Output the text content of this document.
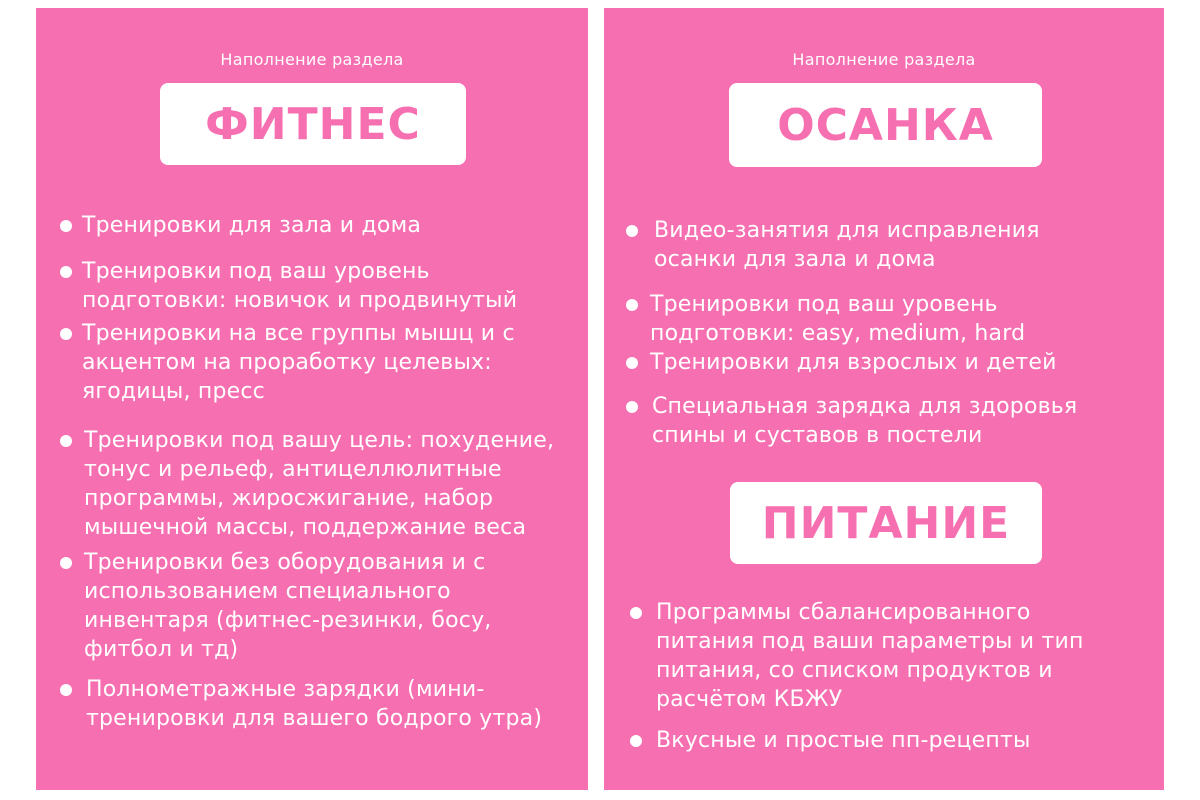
Наполнение раздела
ФИТНЕС
Тренировки для зала и дома
Тренировки под ваш уровень подготовки: новичок и продвинутый
Тренировки на все группы мышц и с акцентом на проработку целевых: ягодицы, пресс
Тренировки под вашу цель: похудение, тонус и рельеф, антицеллюлитные программы, жиросжигание, набор мышечной массы, поддержание веса
Тренировки без оборудования и с использованием специального инвентаря (фитнес-резинки, босу, фитбол и тд)
Полнометражные зарядки (мини-тренировки для вашего бодрого утра)
Наполнение раздела
ОСАНКА
Видео-занятия для исправления осанки для зала и дома
Тренировки под ваш уровень подготовки: easy, medium, hard
Тренировки для взрослых и детей
Специальная зарядка для здоровья спины и суставов в постели
ПИТАНИЕ
Программы сбалансированного питания под ваши параметры и тип питания, со списком продуктов и расчётом КБЖУ
Вкусные и простые пп-рецепты
